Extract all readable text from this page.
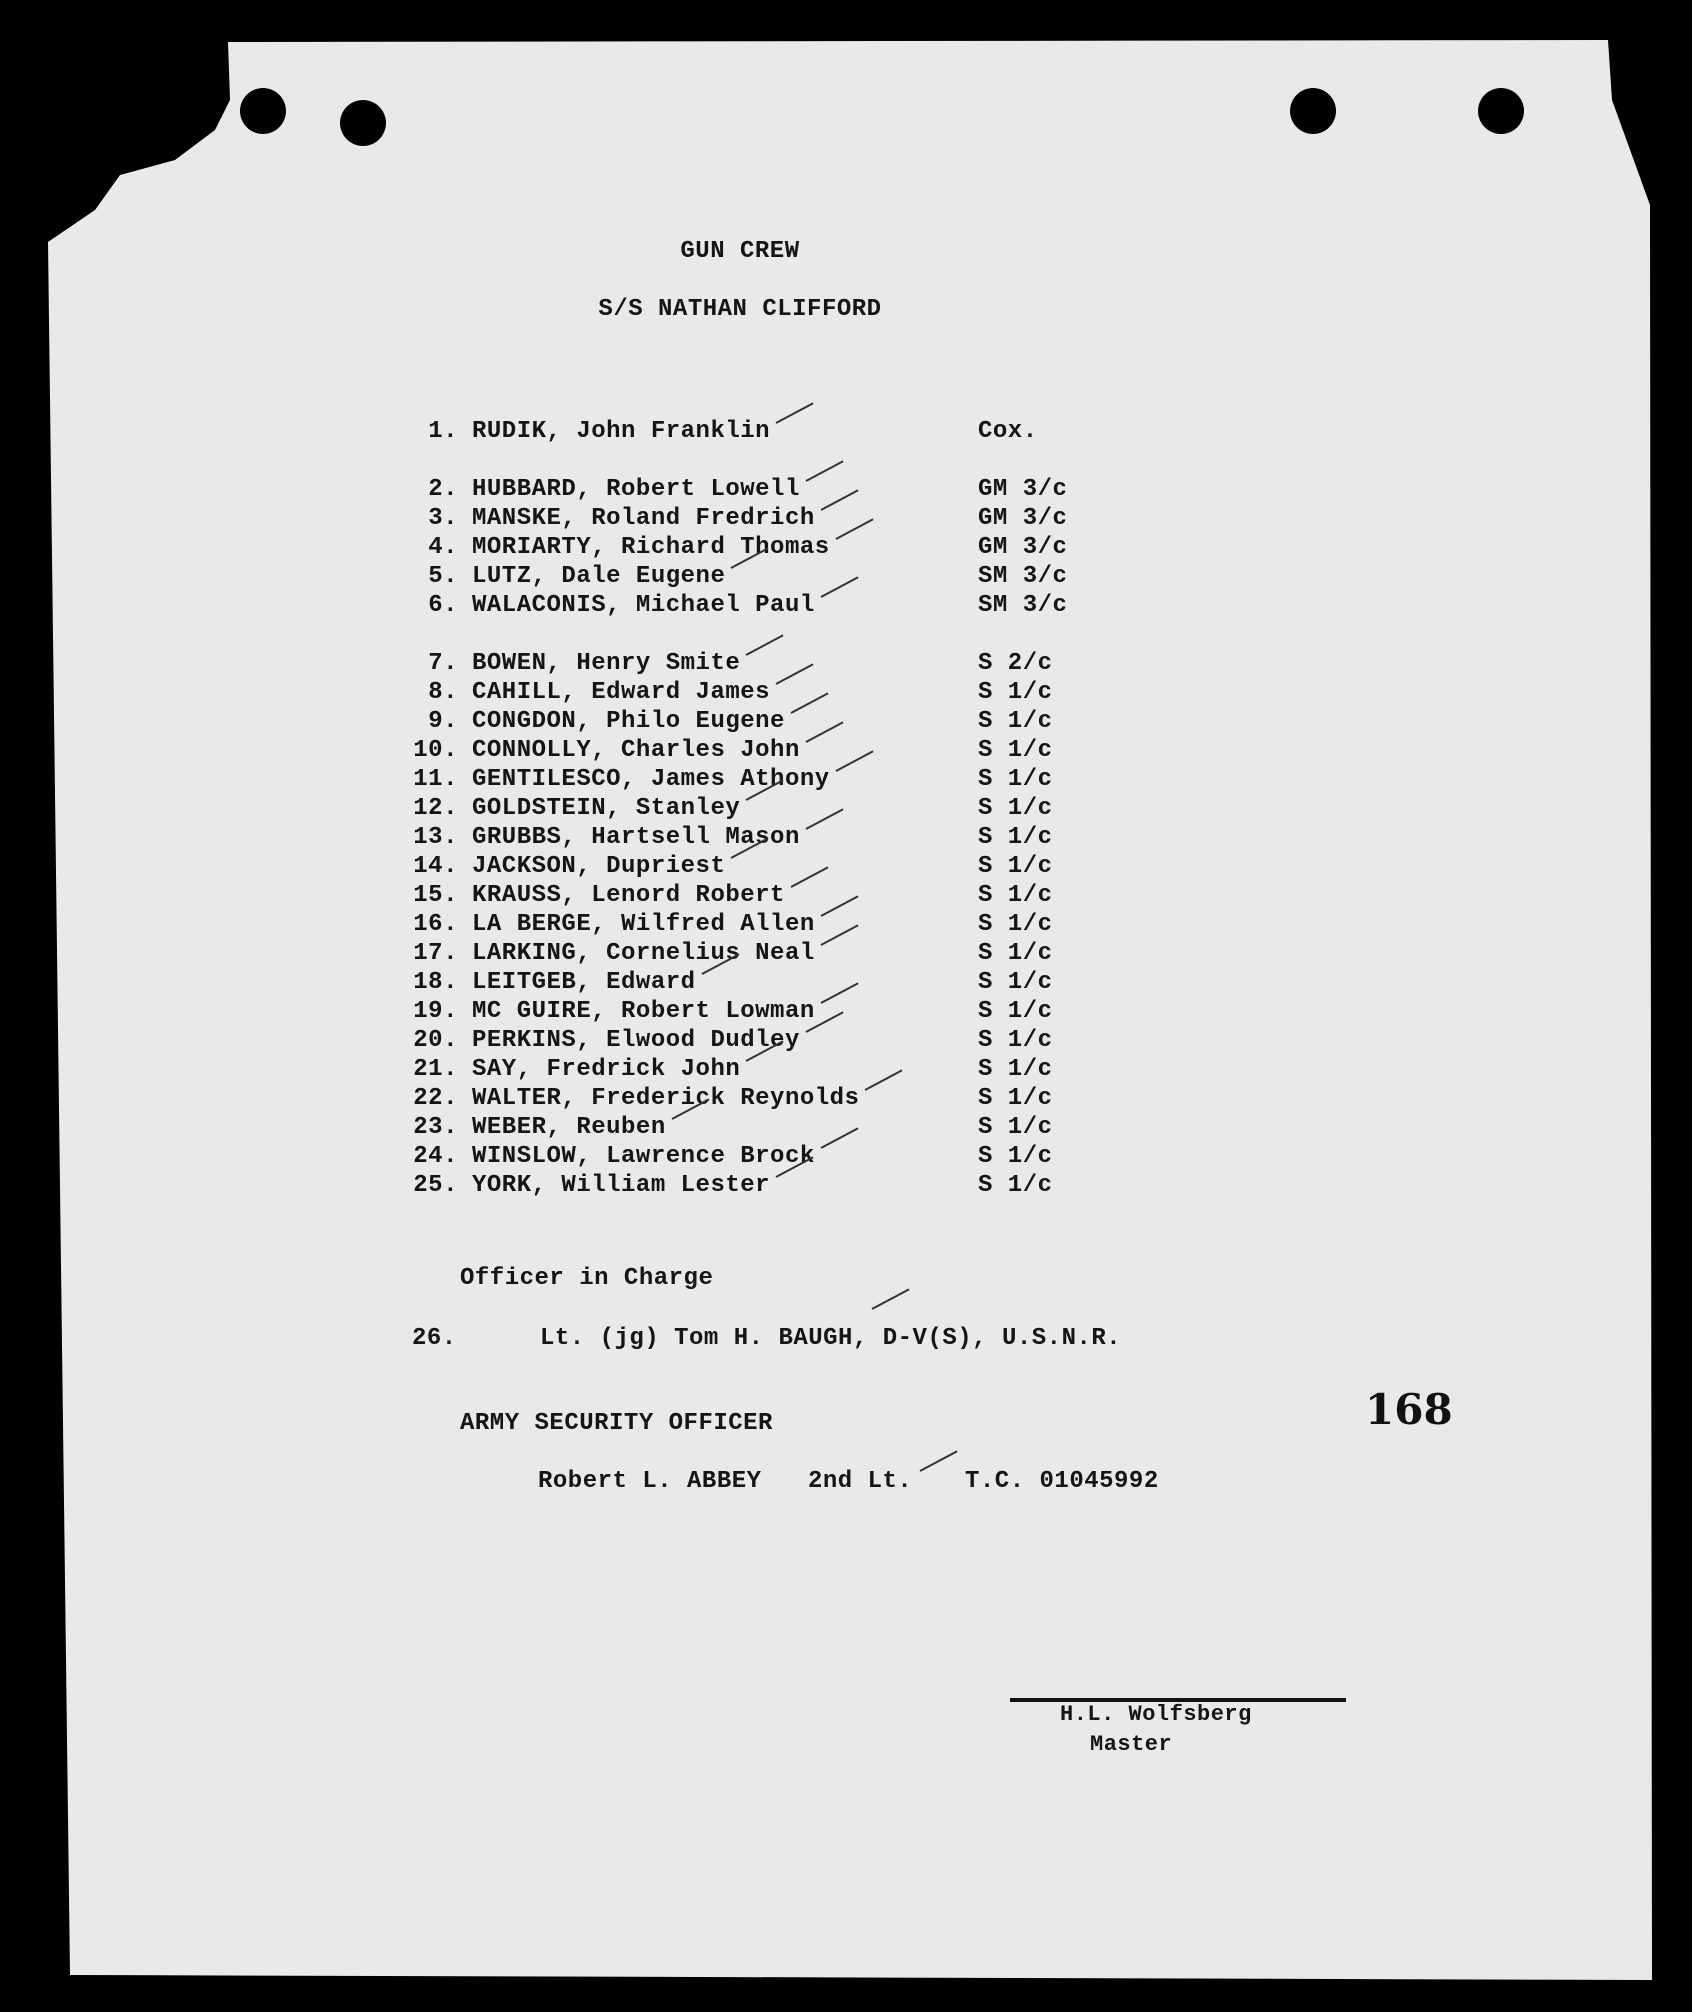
GUN CREW
S/S NATHAN CLIFFORD
1. RUDIK, John Franklin	Cox.
2. HUBBARD, Robert Lowell	GM 3/c
3. MANSKE, Roland Fredrich	GM 3/c
4. MORIARTY, Richard Thomas	GM 3/c
5. LUTZ, Dale Eugene	SM 3/c
6. WALACONIS, Michael Paul	SM 3/c
7. BOWEN, Henry Smite	S 2/c
8. CAHILL, Edward James	S 1/c
9. CONGDON, Philo Eugene	S 1/c
10. CONNOLLY, Charles John	S 1/c
11. GENTILESCO, James Athony	S 1/c
12. GOLDSTEIN, Stanley	S 1/c
13. GRUBBS, Hartsell Mason	S 1/c
14. JACKSON, Dupriest	S 1/c
15. KRAUSS, Lenord Robert	S 1/c
16. LA BERGE, Wilfred Allen	S 1/c
17. LARKING, Cornelius Neal	S 1/c
18. LEITGEB, Edward	S 1/c
19. MC GUIRE, Robert Lowman	S 1/c
20. PERKINS, Elwood Dudley	S 1/c
21. SAY, Fredrick John	S 1/c
22. WALTER, Frederick Reynolds	S 1/c
23. WEBER, Reuben	S 1/c
24. WINSLOW, Lawrence Brock	S 1/c
25. YORK, William Lester	S 1/c
Officer in Charge
26.	Lt. (jg) Tom H. BAUGH, D-V(S), U.S.N.R.
168
ARMY SECURITY OFFICER
Robert L. ABBEY 2nd Lt. T.C. 01045992
H.L. Wolfsberg
Master
